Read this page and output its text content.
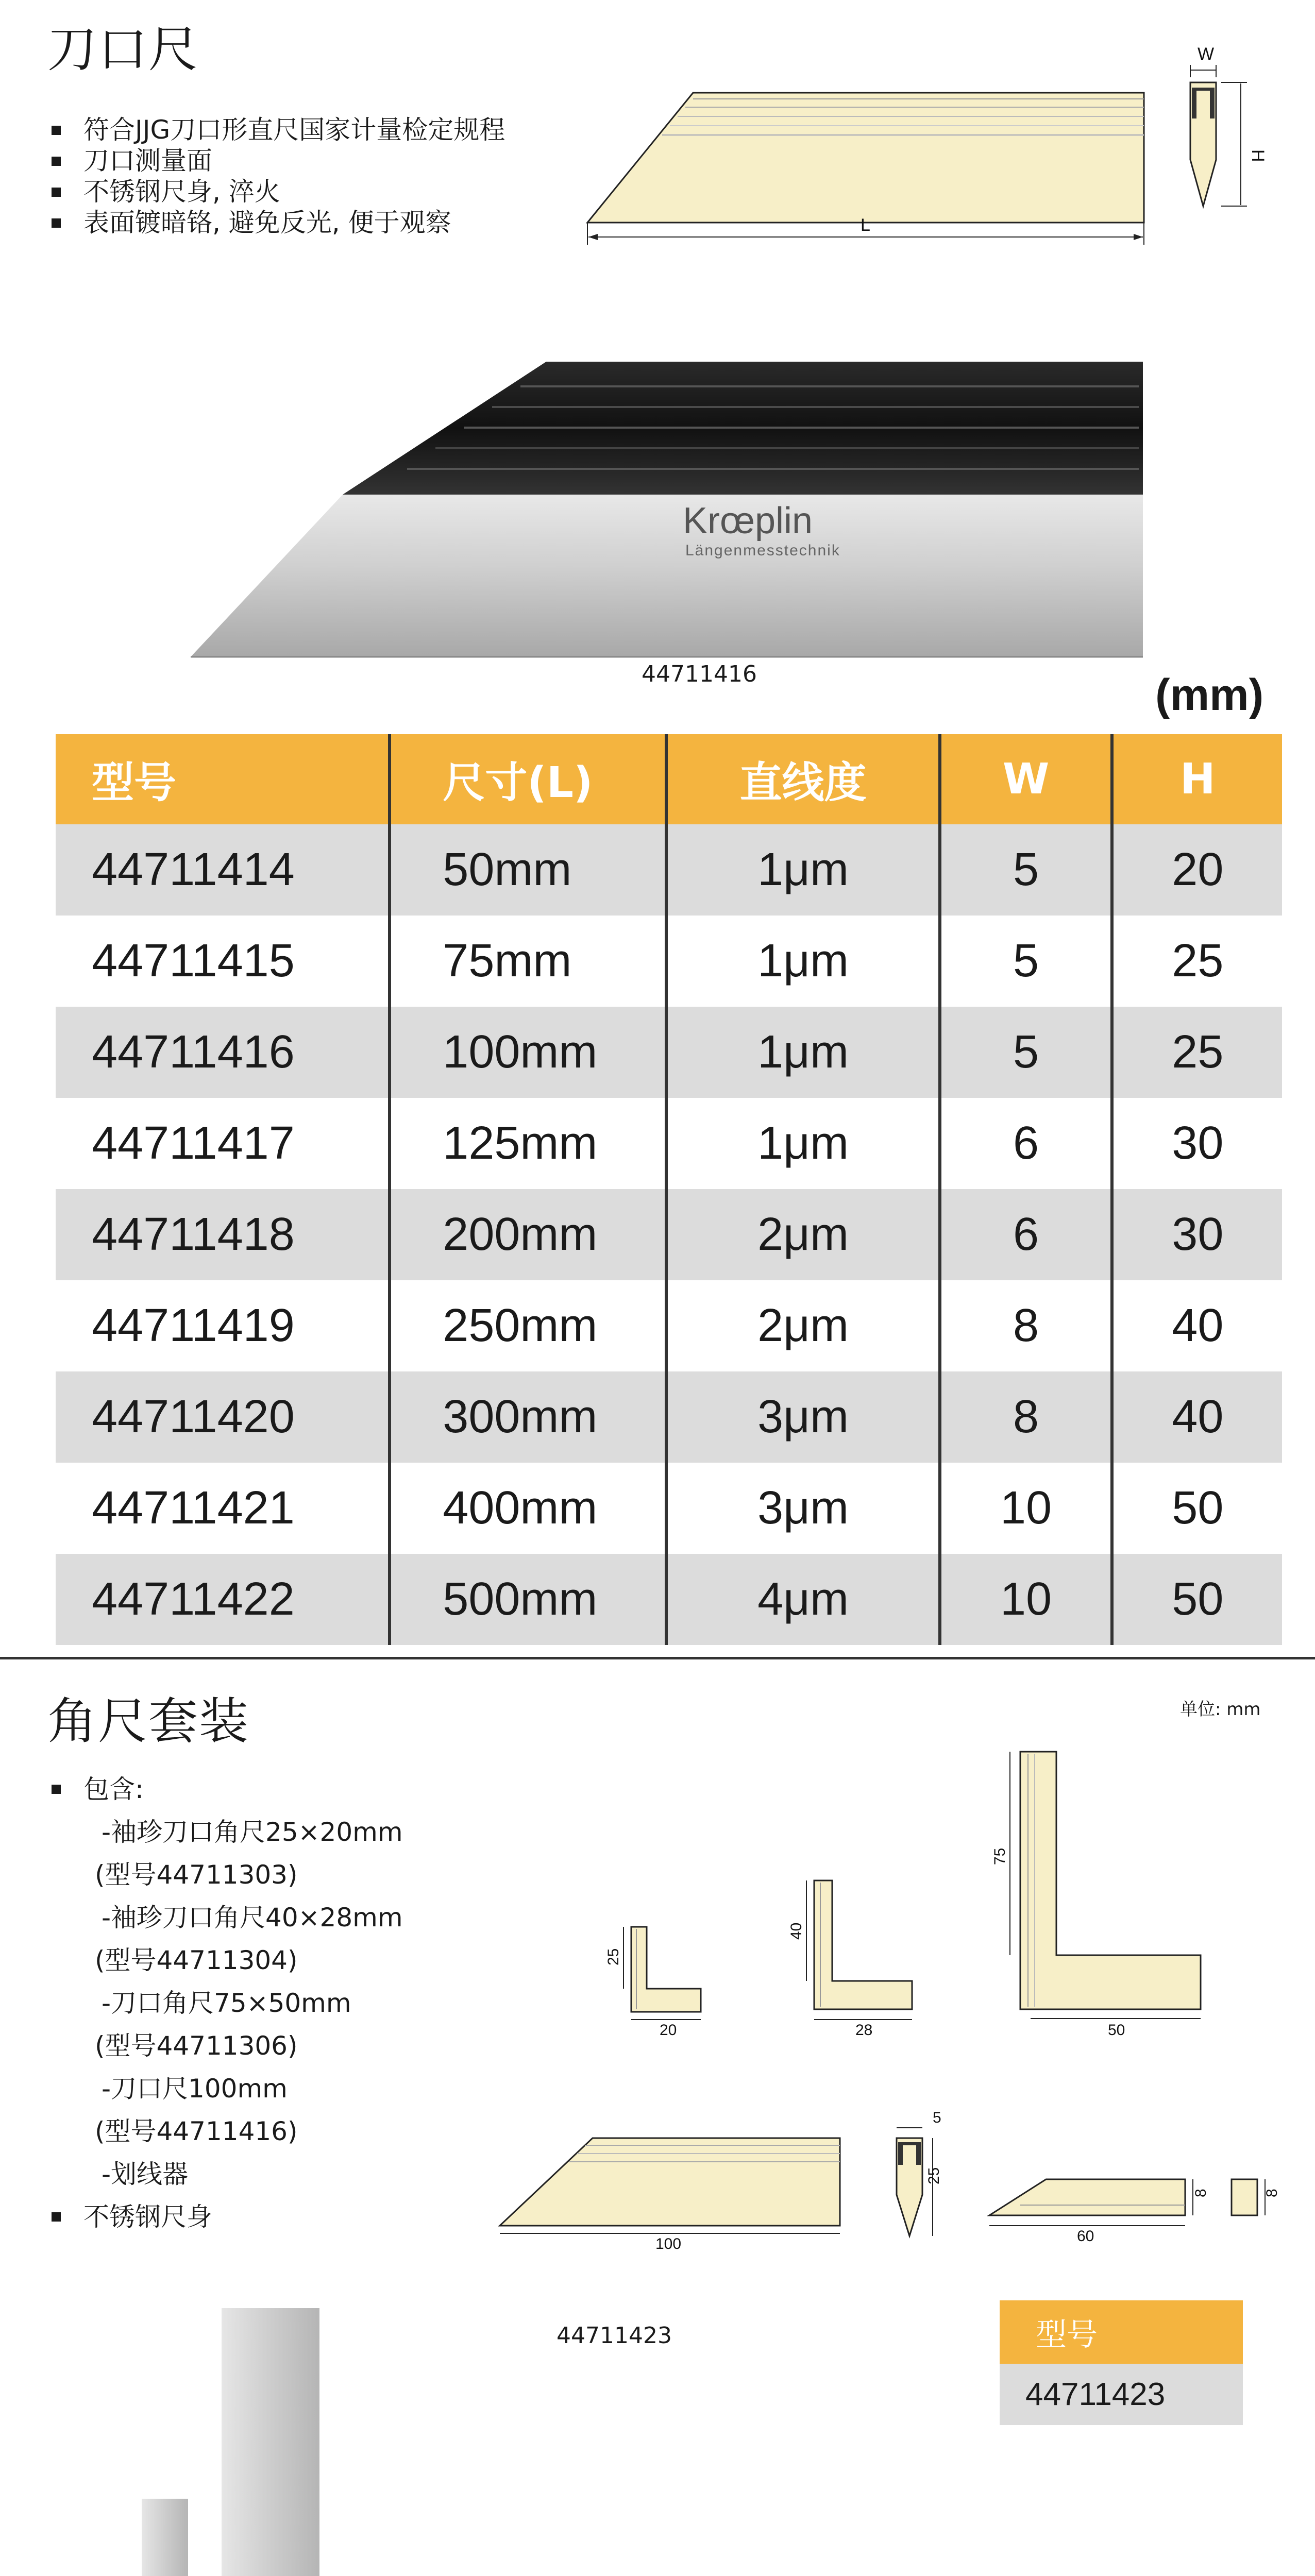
刀口尺
符合JJG刀口形直尺国家计量检定规程
刀口测量面
不锈钢尺身, 淬火
表面镀暗铬, 避免反光, 便于观察	L
W
H
Krœplin
Längenmesstechnik
44711416	(mm)
型号	尺寸(L)	直线度	W	H
44711414	50mm	1μm	5	20
44711415	75mm	1μm	5	25
44711416	100mm	1μm	5	25
44711417	125mm	1μm	6	30
44711418	200mm	2μm	6	30
44711419	250mm	2μm	8	40
44711420	300mm	3μm	8	40
44711421	400mm	3μm	10	50
44711422	500mm	4μm	10	50
角尺套装	单位: mm
包含:
-袖珍刀口角尺25×20mm
(型号44711303)
-袖珍刀口角尺40×28mm
(型号44711304)
-刀口角尺75×50mm
(型号44711306)
-刀口尺100mm
(型号44711416)
-划线器
不锈钢尺身
25
20
40
28
75
50
100
5
25
60
8	8
44711423	型号
44711423
